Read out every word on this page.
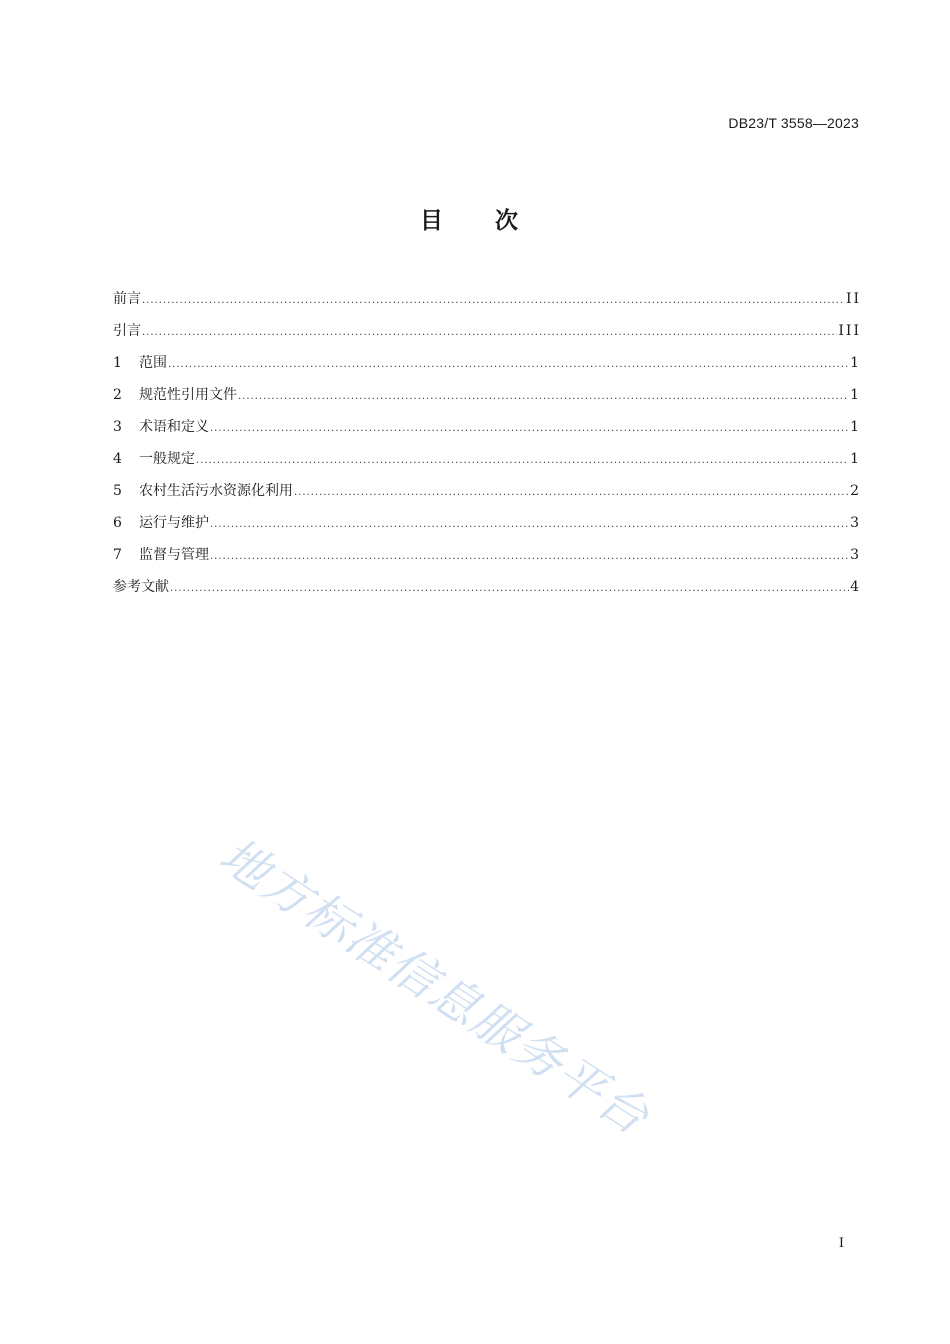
DB23/T 3558—2023
目次
前言 .....	II
引言 .....	III
1	范围 .....	1
2	规范性引用文件 .....	1
3	术语和定义 .....	1
4	一般规定 .....	1
5	农村生活污水资源化利用 .....	2
6	运行与维护 .....	3
7	监督与管理 .....	3
参考文献 .....	4
地方标准信息服务平台
I
